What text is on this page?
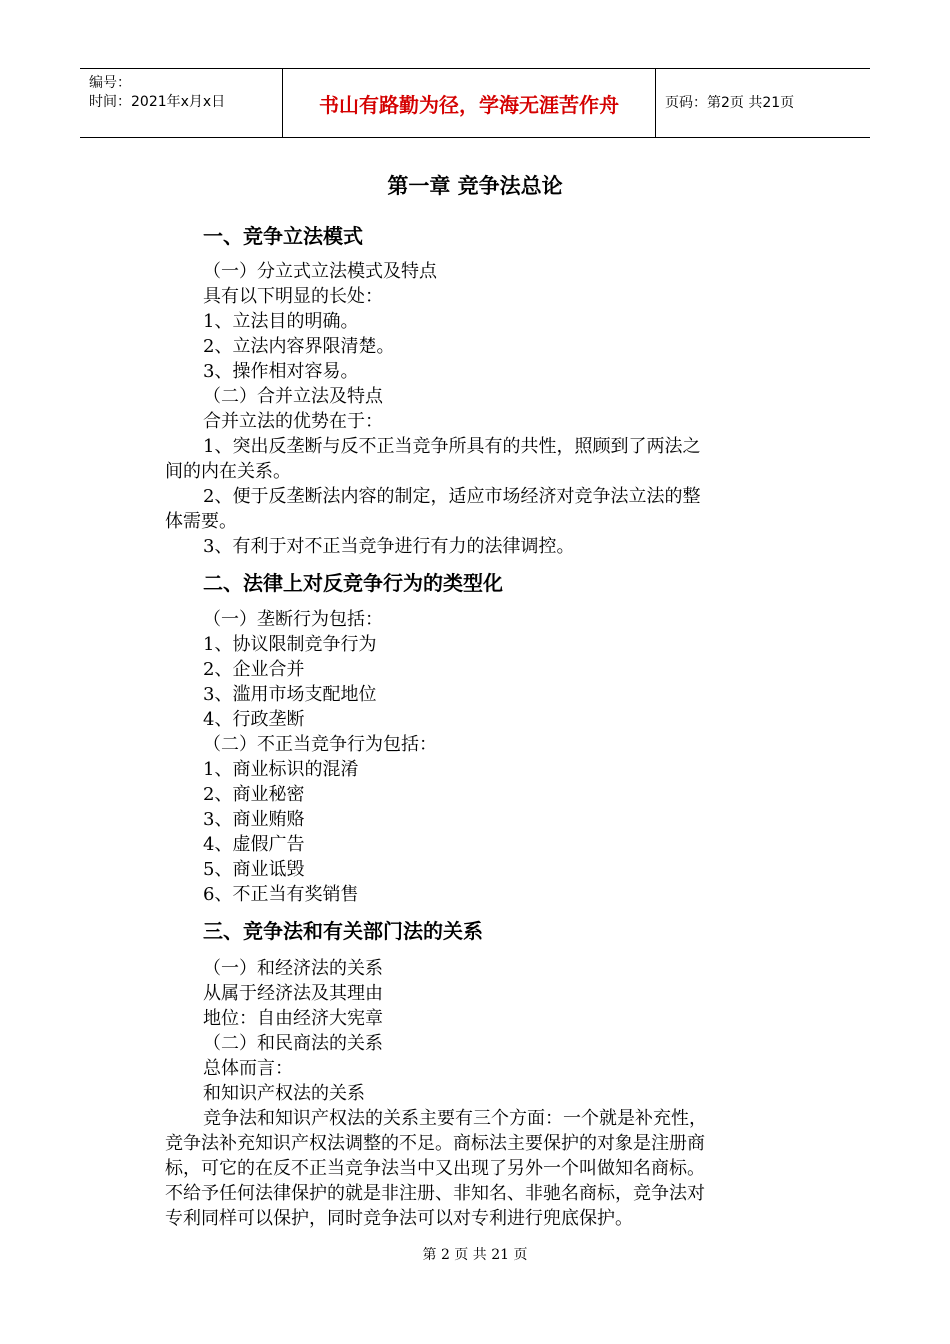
编号：
时间：2021年x月x日	书山有路勤为径，学海无涯苦作舟	页码：第2页 共21页
第一章 竞争法总论
一、竞争立法模式
（一）分立式立法模式及特点
具有以下明显的长处：
1、立法目的明确。
2、立法内容界限清楚。
3、操作相对容易。
（二）合并立法及特点
合并立法的优势在于：
1、突出反垄断与反不正当竞争所具有的共性，照顾到了两法之
间的内在关系。
2、便于反垄断法内容的制定，适应市场经济对竞争法立法的整
体需要。
3、有利于对不正当竞争进行有力的法律调控。
二、法律上对反竞争行为的类型化
（一）垄断行为包括：
1、协议限制竞争行为
2、企业合并
3、滥用市场支配地位
4、行政垄断
（二）不正当竞争行为包括：
1、商业标识的混淆
2、商业秘密
3、商业贿赂
4、虚假广告
5、商业诋毁
6、不正当有奖销售
三、竞争法和有关部门法的关系
（一）和经济法的关系
从属于经济法及其理由
地位：自由经济大宪章
（二）和民商法的关系
总体而言：
和知识产权法的关系
竞争法和知识产权法的关系主要有三个方面：一个就是补充性，
竞争法补充知识产权法调整的不足。商标法主要保护的对象是注册商
标，可它的在反不正当竞争法当中又出现了另外一个叫做知名商标。
不给予任何法律保护的就是非注册、非知名、非驰名商标，竞争法对
专利同样可以保护，同时竞争法可以对专利进行兜底保护。
第 2 页 共 21 页
